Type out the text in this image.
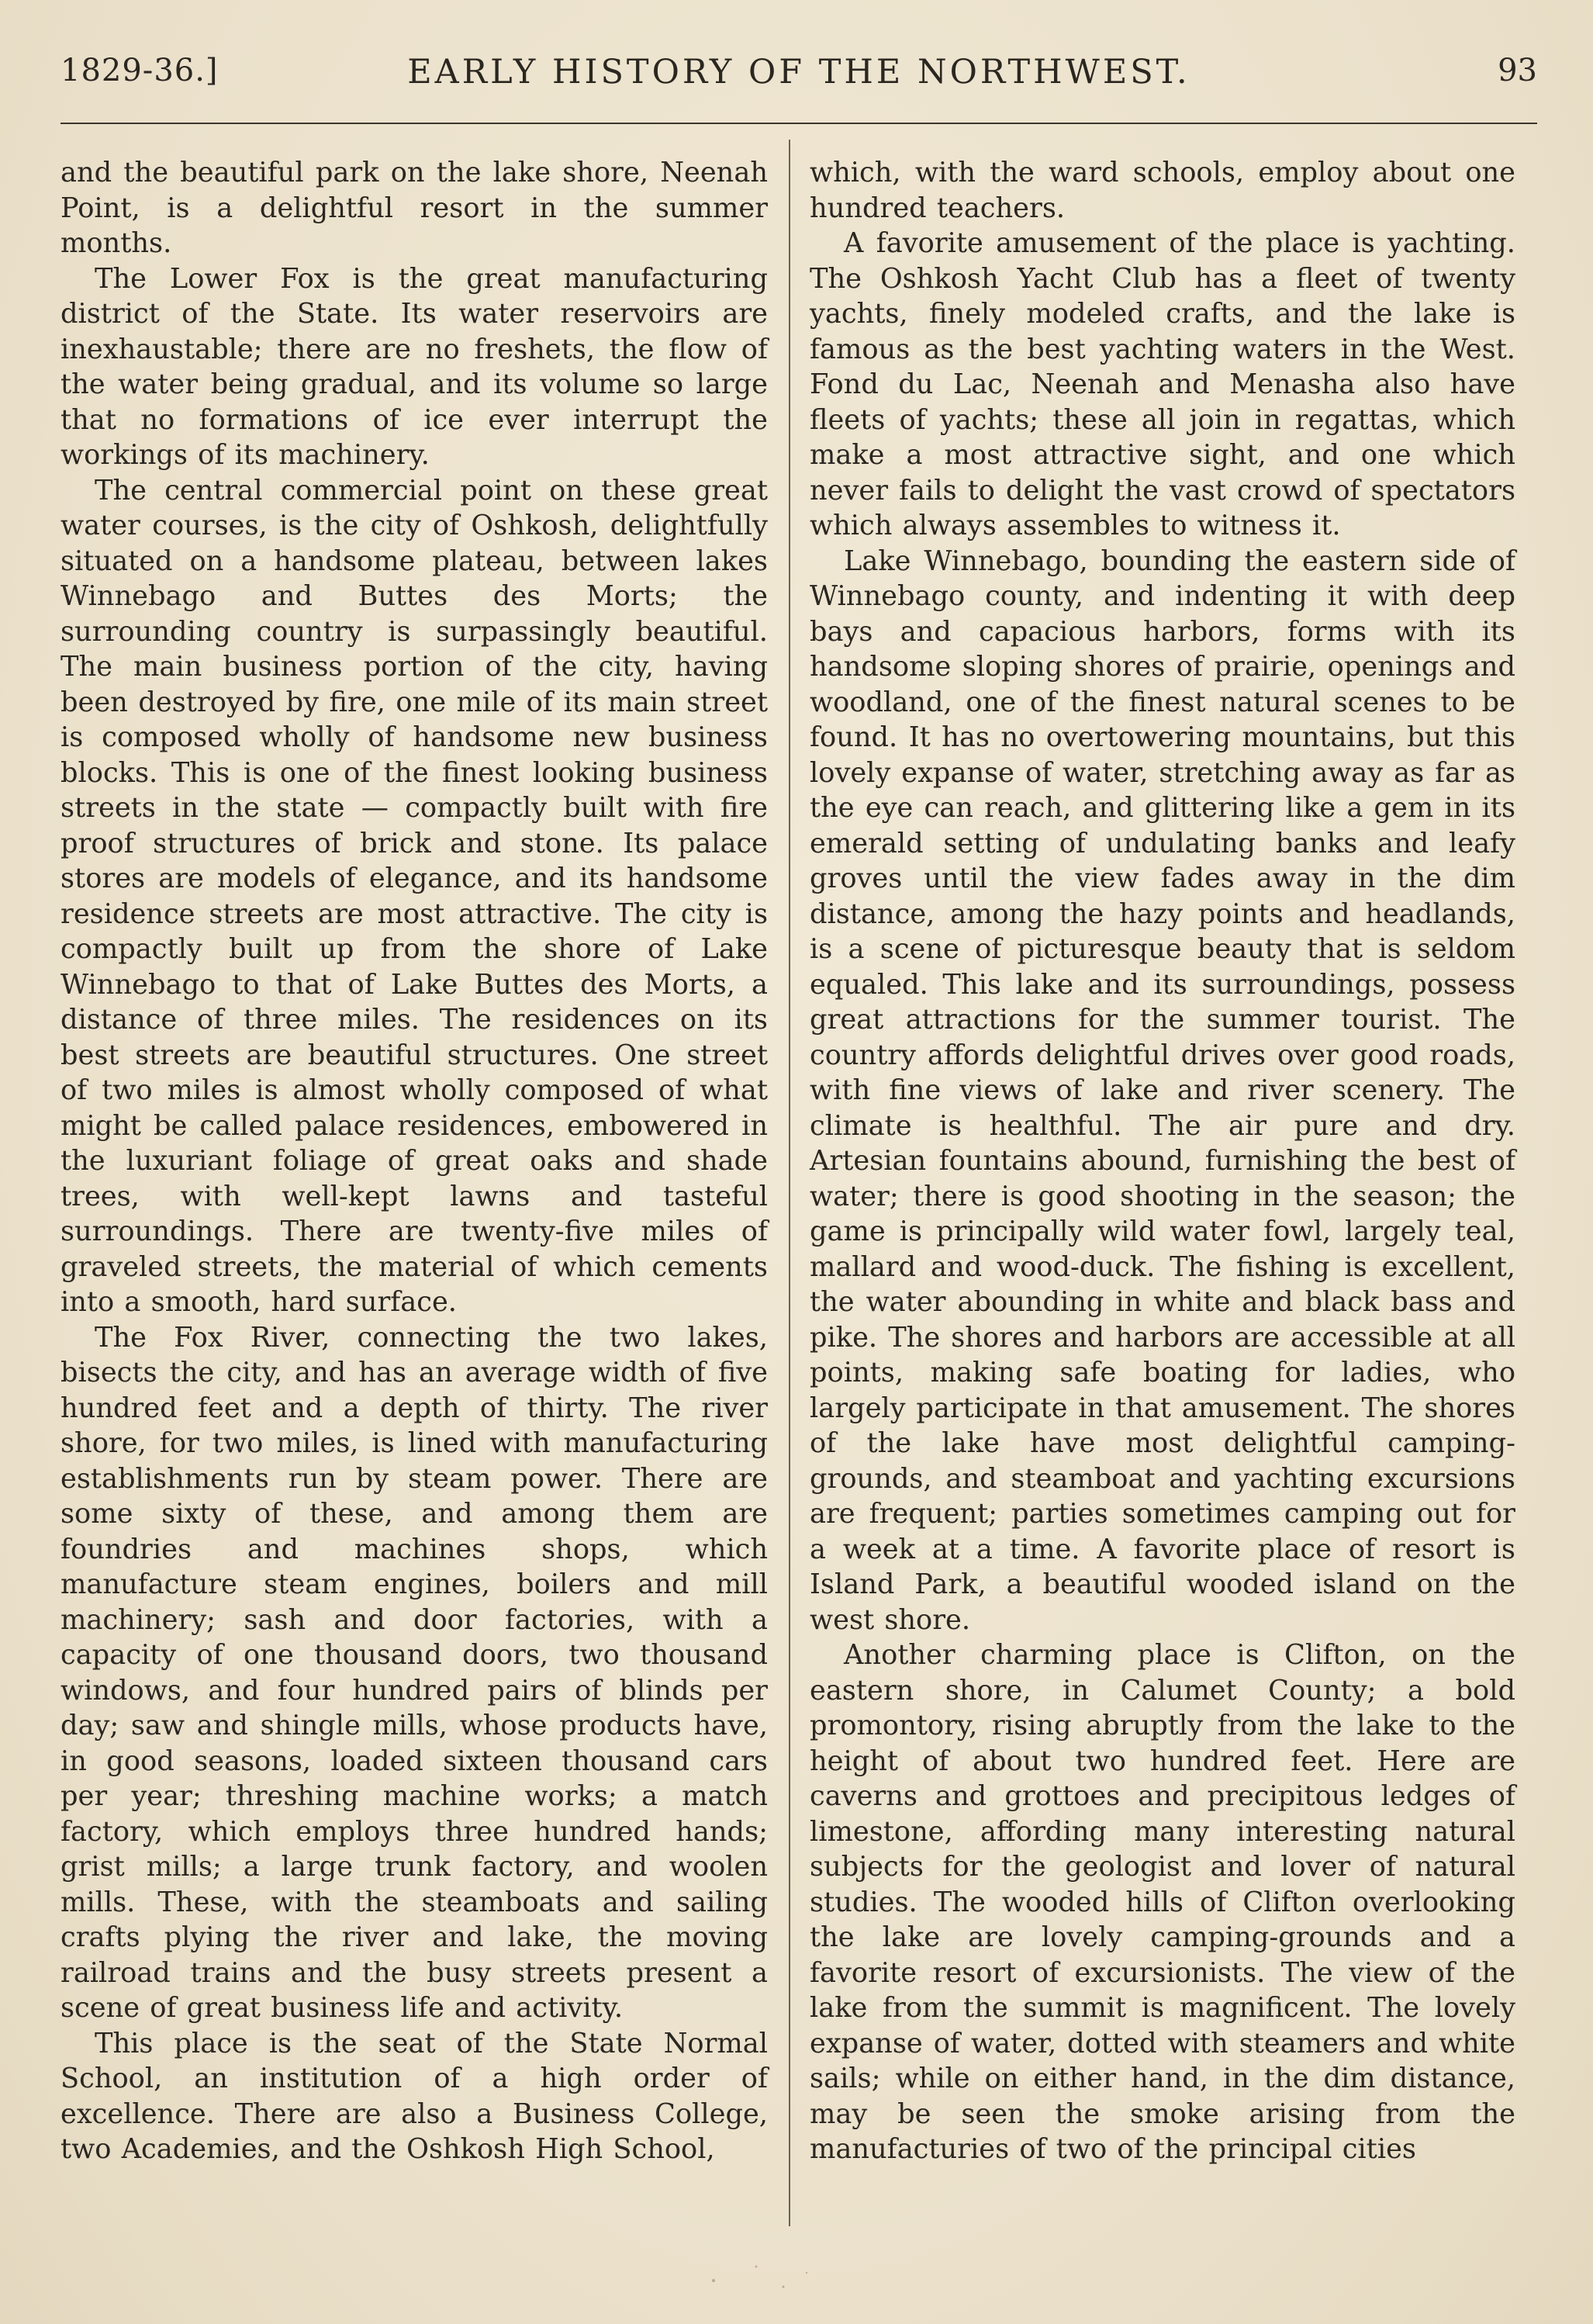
1829-36.]	EARLY HISTORY OF THE NORTHWEST.	93

and the beautiful park on the lake shore, Neenah Point, is a delightful resort in the summer months.

The Lower Fox is the great manufacturing district of the State. Its water reservoirs are inexhaustable; there are no freshets, the flow of the water being gradual, and its volume so large that no formations of ice ever interrupt the workings of its machinery.

The central commercial point on these great water courses, is the city of Oshkosh, delightfully situated on a handsome plateau, between lakes Winnebago and Buttes des Morts; the surrounding country is surpassingly beautiful. The main business portion of the city, having been destroyed by fire, one mile of its main street is composed wholly of handsome new business blocks. This is one of the finest looking business streets in the state — compactly built with fire proof structures of brick and stone. Its palace stores are models of elegance, and its handsome residence streets are most attractive. The city is compactly built up from the shore of Lake Winnebago to that of Lake Buttes des Morts, a distance of three miles. The residences on its best streets are beautiful structures. One street of two miles is almost wholly composed of what might be called palace residences, embowered in the luxuriant foliage of great oaks and shade trees, with well-kept lawns and tasteful surroundings. There are twenty-five miles of graveled streets, the material of which cements into a smooth, hard surface.

The Fox River, connecting the two lakes, bisects the city, and has an average width of five hundred feet and a depth of thirty. The river shore, for two miles, is lined with manufacturing establishments run by steam power. There are some sixty of these, and among them are foundries and machines shops, which manufacture steam engines, boilers and mill machinery; sash and door factories, with a capacity of one thousand doors, two thousand windows, and four hundred pairs of blinds per day; saw and shingle mills, whose products have, in good seasons, loaded sixteen thousand cars per year; threshing machine works; a match factory, which employs three hundred hands; grist mills; a large trunk factory, and woolen mills. These, with the steamboats and sailing crafts plying the river and lake, the moving railroad trains and the busy streets present a scene of great business life and activity.

This place is the seat of the State Normal School, an institution of a high order of excellence. There are also a Business College, two Academies, and the Oshkosh High School,

which, with the ward schools, employ about one hundred teachers.

A favorite amusement of the place is yachting. The Oshkosh Yacht Club has a fleet of twenty yachts, finely modeled crafts, and the lake is famous as the best yachting waters in the West. Fond du Lac, Neenah and Menasha also have fleets of yachts; these all join in regattas, which make a most attractive sight, and one which never fails to delight the vast crowd of spectators which always assembles to witness it.

Lake Winnebago, bounding the eastern side of Winnebago county, and indenting it with deep bays and capacious harbors, forms with its handsome sloping shores of prairie, openings and woodland, one of the finest natural scenes to be found. It has no overtowering mountains, but this lovely expanse of water, stretching away as far as the eye can reach, and glittering like a gem in its emerald setting of undulating banks and leafy groves until the view fades away in the dim distance, among the hazy points and headlands, is a scene of picturesque beauty that is seldom equaled. This lake and its surroundings, possess great attractions for the summer tourist. The country affords delightful drives over good roads, with fine views of lake and river scenery. The climate is healthful. The air pure and dry. Artesian fountains abound, furnishing the best of water; there is good shooting in the season; the game is principally wild water fowl, largely teal, mallard and wood-duck. The fishing is excellent, the water abounding in white and black bass and pike. The shores and harbors are accessible at all points, making safe boating for ladies, who largely participate in that amusement. The shores of the lake have most delightful camping-grounds, and steamboat and yachting excursions are frequent; parties sometimes camping out for a week at a time. A favorite place of resort is Island Park, a beautiful wooded island on the west shore.

Another charming place is Clifton, on the eastern shore, in Calumet County; a bold promontory, rising abruptly from the lake to the height of about two hundred feet. Here are caverns and grottoes and precipitous ledges of limestone, affording many interesting natural subjects for the geologist and lover of natural studies. The wooded hills of Clifton overlooking the lake are lovely camping-grounds and a favorite resort of excursionists. The view of the lake from the summit is magnificent. The lovely expanse of water, dotted with steamers and white sails; while on either hand, in the dim distance, may be seen the smoke arising from the manufacturies of two of the principal cities
